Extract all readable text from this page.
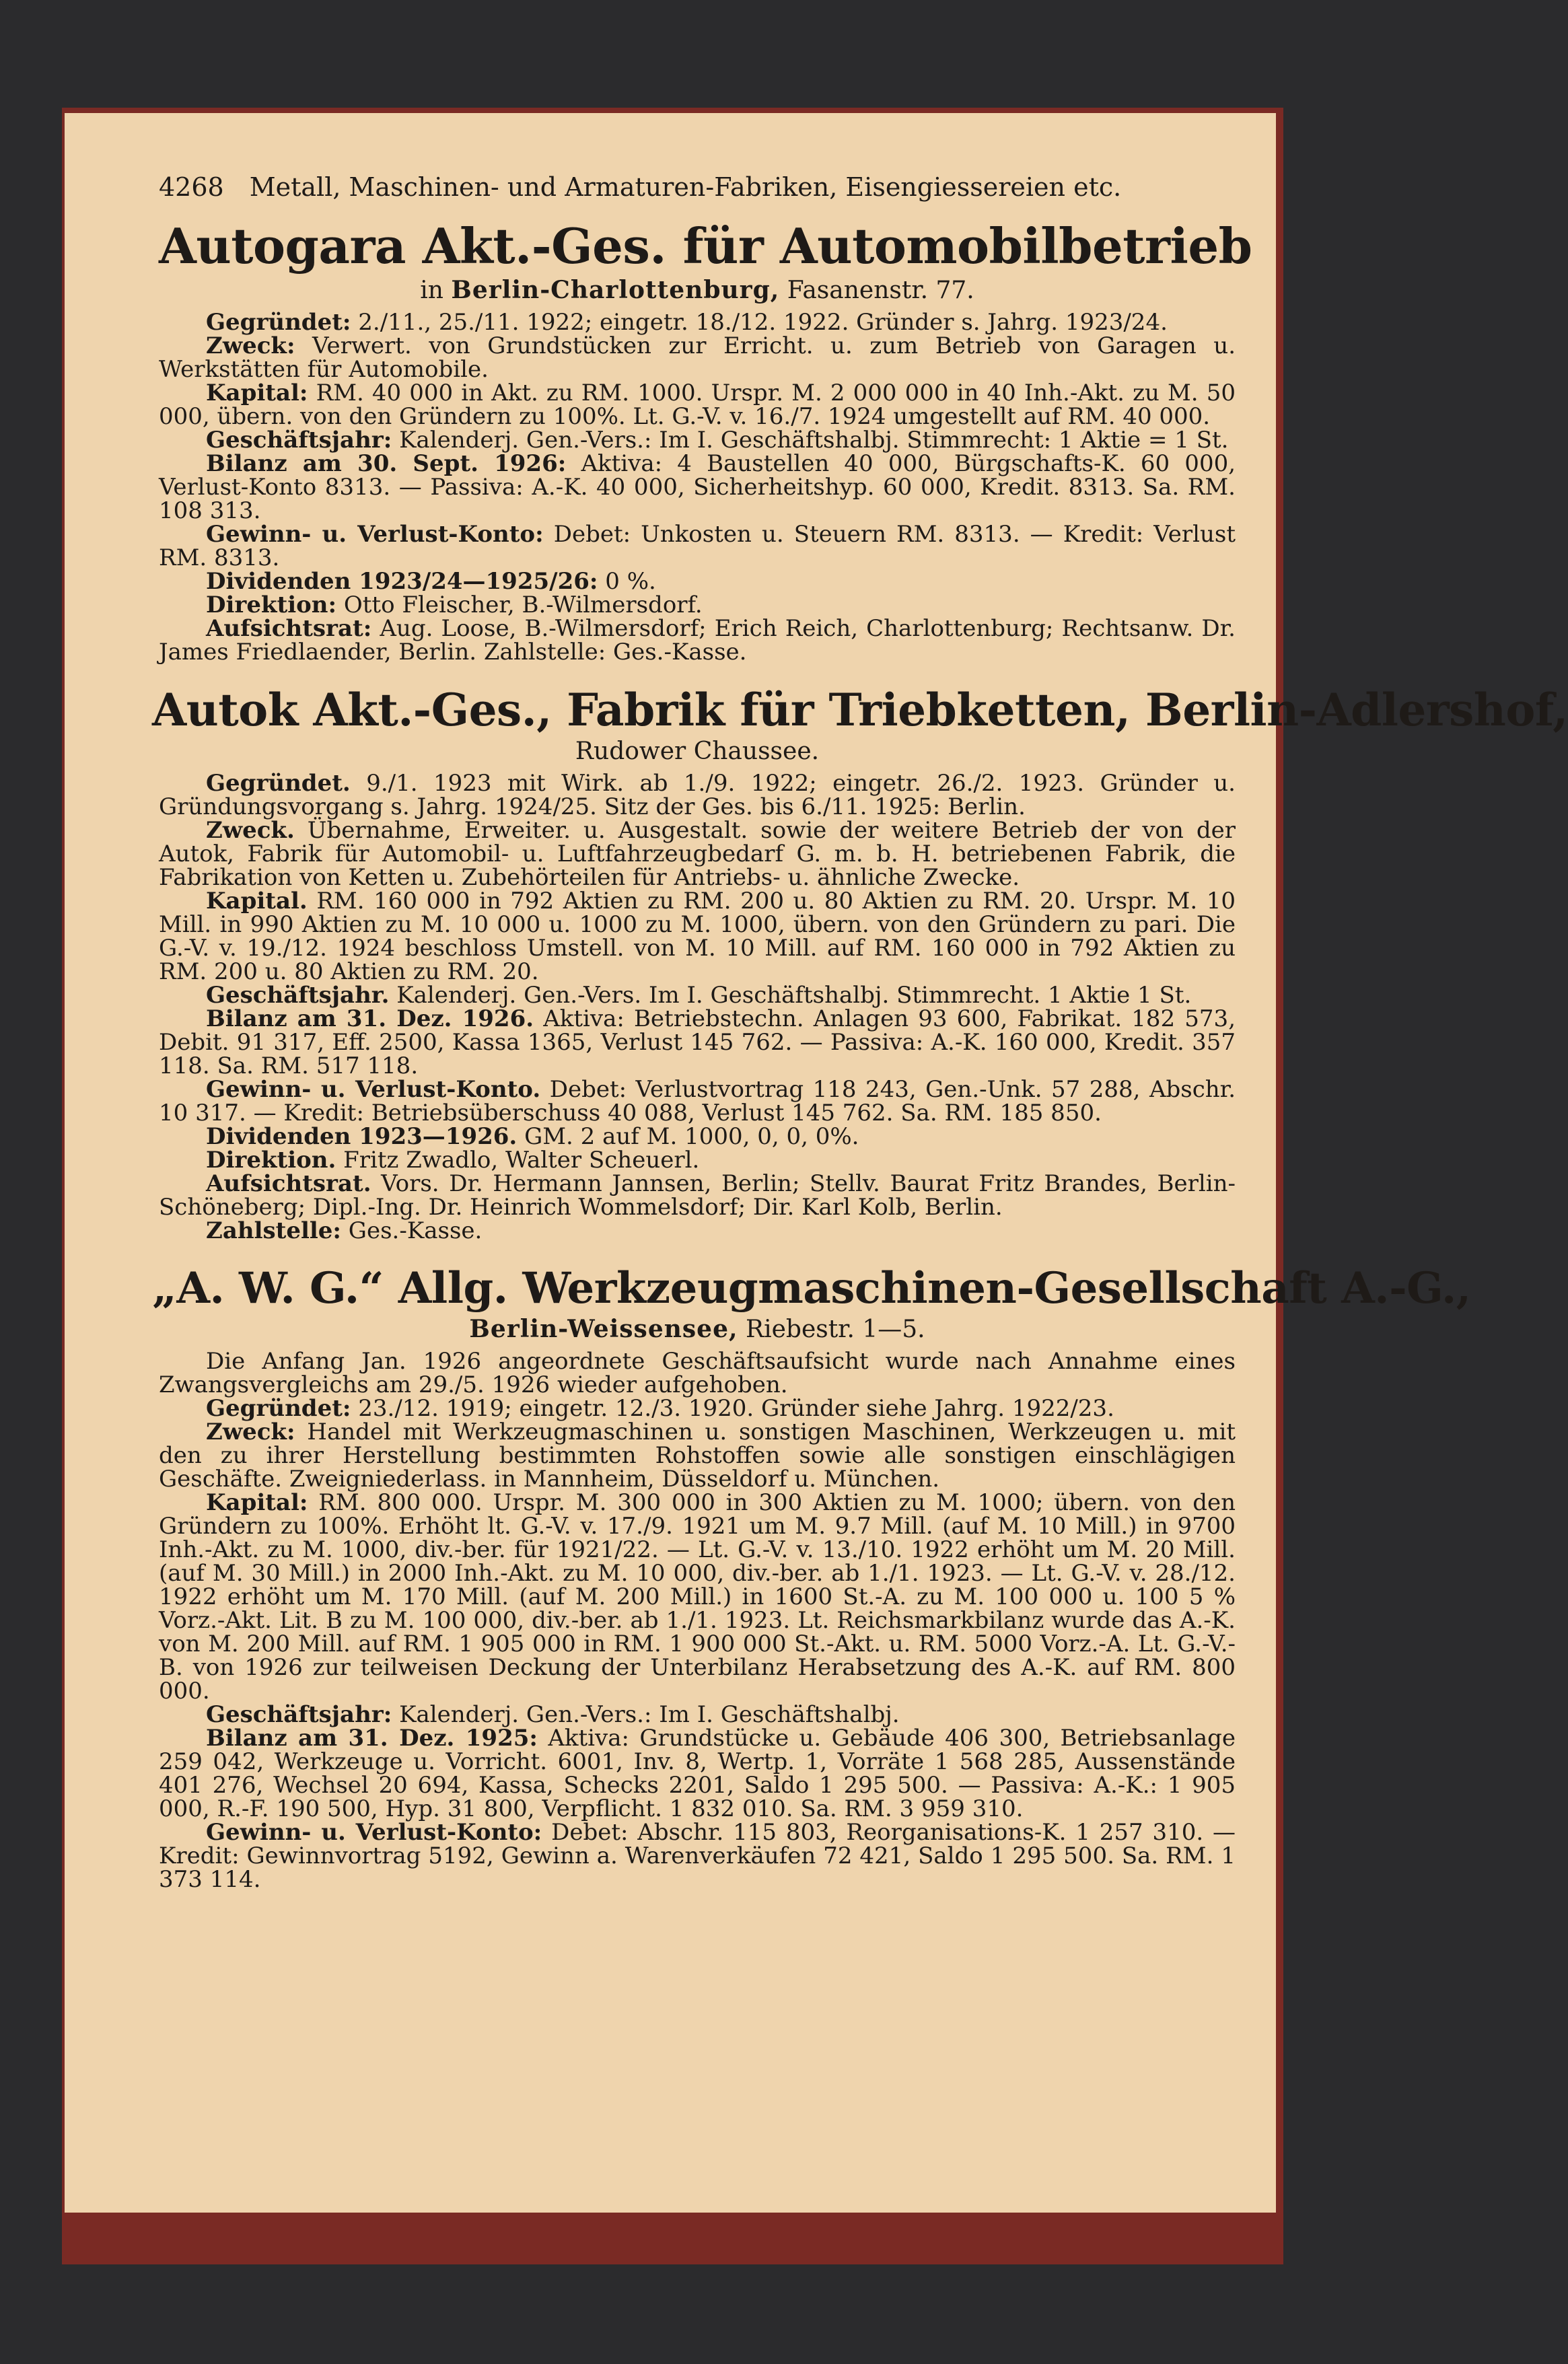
4268 Metall, Maschinen- und Armaturen-Fabriken, Eisengiessereien etc.
Autogara Akt.-Ges. für Automobilbetrieb
in Berlin-Charlottenburg, Fasanenstr. 77.

Gegründet: 2./11., 25./11. 1922; eingetr. 18./12. 1922. Gründer s. Jahrg. 1923/24.

Zweck: Verwert. von Grundstücken zur Erricht. u. zum Betrieb von Garagen u. Werkstätten für Automobile.

Kapital: RM. 40 000 in Akt. zu RM. 1000. Urspr. M. 2 000 000 in 40 Inh.-Akt. zu M. 50 000, übern. von den Gründern zu 100%. Lt. G.-V. v. 16./7. 1924 umgestellt auf RM. 40 000.

Geschäftsjahr: Kalenderj. Gen.-Vers.: Im I. Geschäftshalbj. Stimmrecht: 1 Aktie = 1 St.

Bilanz am 30. Sept. 1926: Aktiva: 4 Baustellen 40 000, Bürgschafts-K. 60 000, Verlust-Konto 8313. — Passiva: A.-K. 40 000, Sicherheitshyp. 60 000, Kredit. 8313. Sa. RM. 108 313.

Gewinn- u. Verlust-Konto: Debet: Unkosten u. Steuern RM. 8313. — Kredit: Verlust RM. 8313.

Dividenden 1923/24—1925/26: 0 %.

Direktion: Otto Fleischer, B.-Wilmersdorf.

Aufsichtsrat: Aug. Loose, B.-Wilmersdorf; Erich Reich, Charlottenburg; Rechtsanw. Dr. James Friedlaender, Berlin. Zahlstelle: Ges.-Kasse.

Autok Akt.-Ges., Fabrik für Triebketten, Berlin-Adlershof,
Rudower Chaussee.

Gegründet. 9./1. 1923 mit Wirk. ab 1./9. 1922; eingetr. 26./2. 1923. Gründer u. Gründungsvorgang s. Jahrg. 1924/25. Sitz der Ges. bis 6./11. 1925: Berlin.

Zweck. Übernahme, Erweiter. u. Ausgestalt. sowie der weitere Betrieb der von der Autok, Fabrik für Automobil- u. Luftfahrzeugbedarf G. m. b. H. betriebenen Fabrik, die Fabrikation von Ketten u. Zubehörteilen für Antriebs- u. ähnliche Zwecke.

Kapital. RM. 160 000 in 792 Aktien zu RM. 200 u. 80 Aktien zu RM. 20. Urspr. M. 10 Mill. in 990 Aktien zu M. 10 000 u. 1000 zu M. 1000, übern. von den Gründern zu pari. Die G.-V. v. 19./12. 1924 beschloss Umstell. von M. 10 Mill. auf RM. 160 000 in 792 Aktien zu RM. 200 u. 80 Aktien zu RM. 20.

Geschäftsjahr. Kalenderj. Gen.-Vers. Im I. Geschäftshalbj. Stimmrecht. 1 Aktie 1 St.

Bilanz am 31. Dez. 1926. Aktiva: Betriebstechn. Anlagen 93 600, Fabrikat. 182 573, Debit. 91 317, Eff. 2500, Kassa 1365, Verlust 145 762. — Passiva: A.-K. 160 000, Kredit. 357 118. Sa. RM. 517 118.

Gewinn- u. Verlust-Konto. Debet: Verlustvortrag 118 243, Gen.-Unk. 57 288, Abschr. 10 317. — Kredit: Betriebsüberschuss 40 088, Verlust 145 762. Sa. RM. 185 850.

Dividenden 1923—1926. GM. 2 auf M. 1000, 0, 0, 0%.

Direktion. Fritz Zwadlo, Walter Scheuerl.

Aufsichtsrat. Vors. Dr. Hermann Jannsen, Berlin; Stellv. Baurat Fritz Brandes, Berlin-Schöneberg; Dipl.-Ing. Dr. Heinrich Wommelsdorf; Dir. Karl Kolb, Berlin.

Zahlstelle: Ges.-Kasse.

„A. W. G.“ Allg. Werkzeugmaschinen-Gesellschaft A.-G.,
Berlin-Weissensee, Riebestr. 1—5.

Die Anfang Jan. 1926 angeordnete Geschäftsaufsicht wurde nach Annahme eines Zwangsvergleichs am 29./5. 1926 wieder aufgehoben.

Gegründet: 23./12. 1919; eingetr. 12./3. 1920. Gründer siehe Jahrg. 1922/23.

Zweck: Handel mit Werkzeugmaschinen u. sonstigen Maschinen, Werkzeugen u. mit den zu ihrer Herstellung bestimmten Rohstoffen sowie alle sonstigen einschlägigen Geschäfte. Zweigniederlass. in Mannheim, Düsseldorf u. München.

Kapital: RM. 800 000. Urspr. M. 300 000 in 300 Aktien zu M. 1000; übern. von den Gründern zu 100%. Erhöht lt. G.-V. v. 17./9. 1921 um M. 9.7 Mill. (auf M. 10 Mill.) in 9700 Inh.-Akt. zu M. 1000, div.-ber. für 1921/22. — Lt. G.-V. v. 13./10. 1922 erhöht um M. 20 Mill. (auf M. 30 Mill.) in 2000 Inh.-Akt. zu M. 10 000, div.-ber. ab 1./1. 1923. — Lt. G.-V. v. 28./12. 1922 erhöht um M. 170 Mill. (auf M. 200 Mill.) in 1600 St.-A. zu M. 100 000 u. 100 5 % Vorz.-Akt. Lit. B zu M. 100 000, div.-ber. ab 1./1. 1923. Lt. Reichsmarkbilanz wurde das A.-K. von M. 200 Mill. auf RM. 1 905 000 in RM. 1 900 000 St.-Akt. u. RM. 5000 Vorz.-A. Lt. G.-V.-B. von 1926 zur teilweisen Deckung der Unterbilanz Herabsetzung des A.-K. auf RM. 800 000.

Geschäftsjahr: Kalenderj. Gen.-Vers.: Im I. Geschäftshalbj.

Bilanz am 31. Dez. 1925: Aktiva: Grundstücke u. Gebäude 406 300, Betriebsanlage 259 042, Werkzeuge u. Vorricht. 6001, Inv. 8, Wertp. 1, Vorräte 1 568 285, Aussenstände 401 276, Wechsel 20 694, Kassa, Schecks 2201, Saldo 1 295 500. — Passiva: A.-K.: 1 905 000, R.-F. 190 500, Hyp. 31 800, Verpflicht. 1 832 010. Sa. RM. 3 959 310.

Gewinn- u. Verlust-Konto: Debet: Abschr. 115 803, Reorganisations-K. 1 257 310. — Kredit: Gewinnvortrag 5192, Gewinn a. Warenverkäufen 72 421, Saldo 1 295 500. Sa. RM. 1 373 114.
